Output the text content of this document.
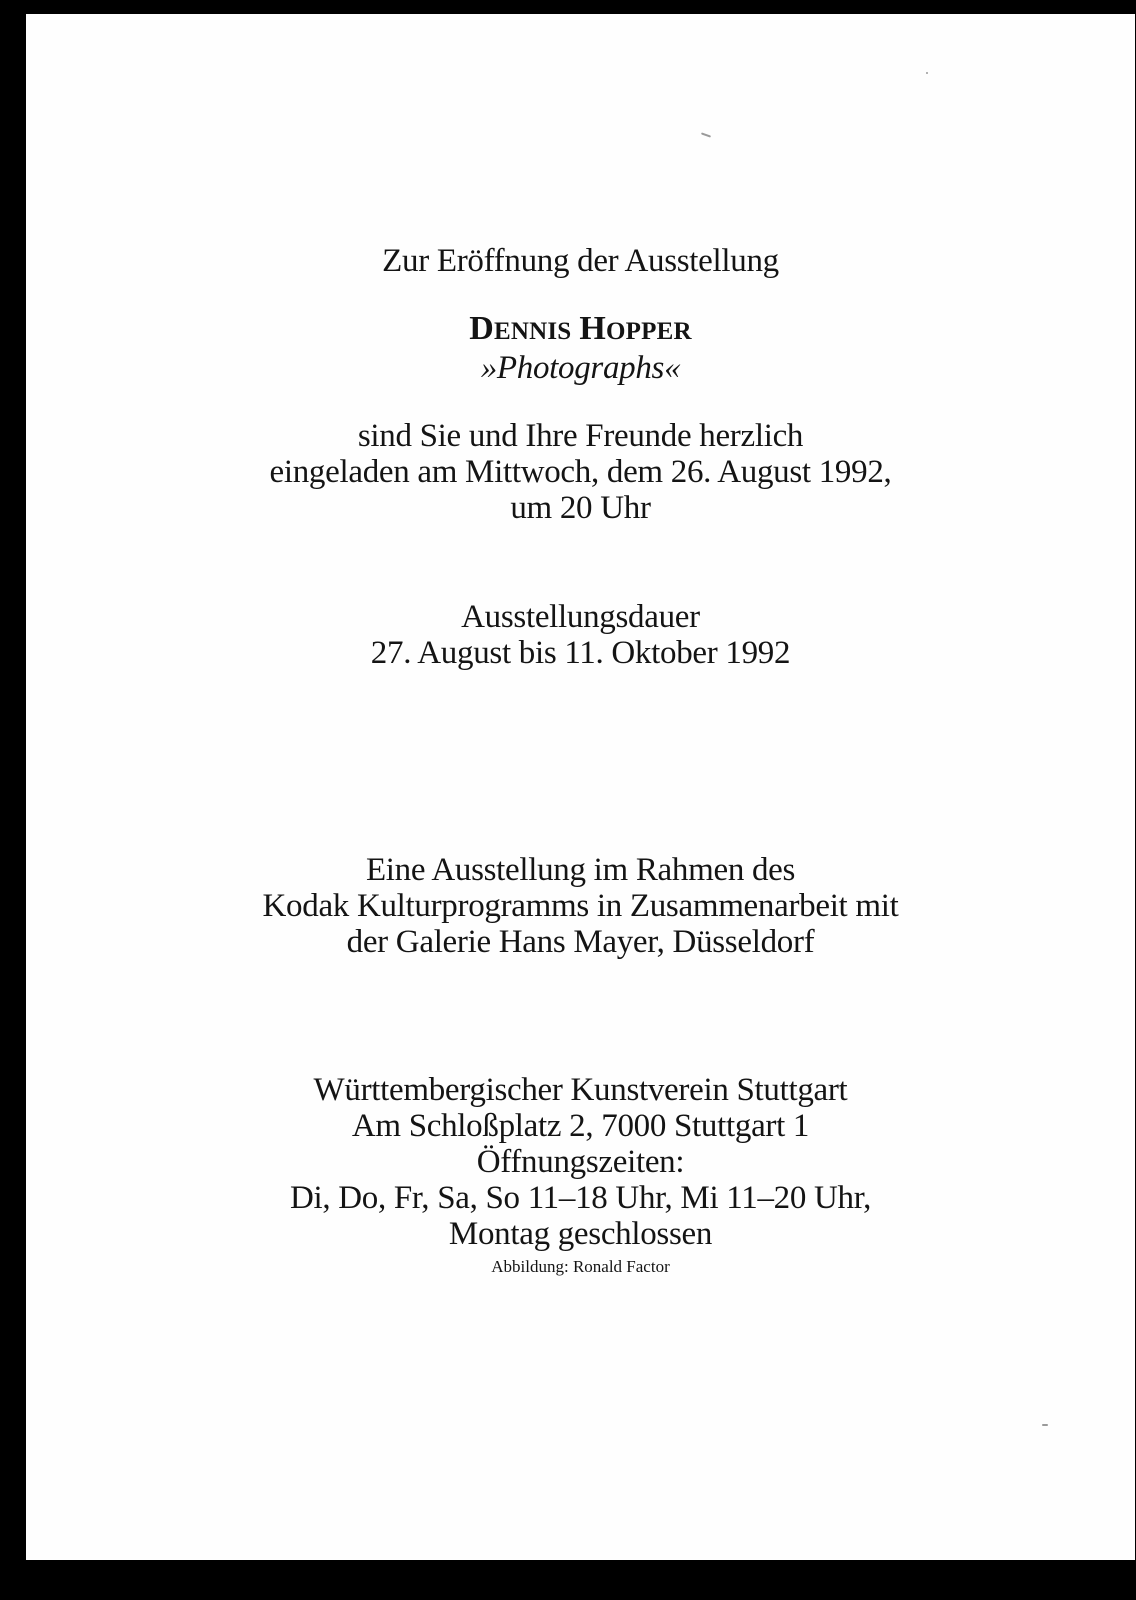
Zur Eröffnung der Ausstellung
DENNIS HOPPER
»Photographs«
sind Sie und Ihre Freunde herzlich
eingeladen am Mittwoch, dem 26. August 1992,
um 20 Uhr
Ausstellungsdauer
27. August bis 11. Oktober 1992
Eine Ausstellung im Rahmen des
Kodak Kulturprogramms in Zusammenarbeit mit
der Galerie Hans Mayer, Düsseldorf
Württembergischer Kunstverein Stuttgart
Am Schloßplatz 2, 7000 Stuttgart 1
Öffnungszeiten:
Di, Do, Fr, Sa, So 11–18 Uhr, Mi 11–20 Uhr,
Montag geschlossen
Abbildung: Ronald Factor
